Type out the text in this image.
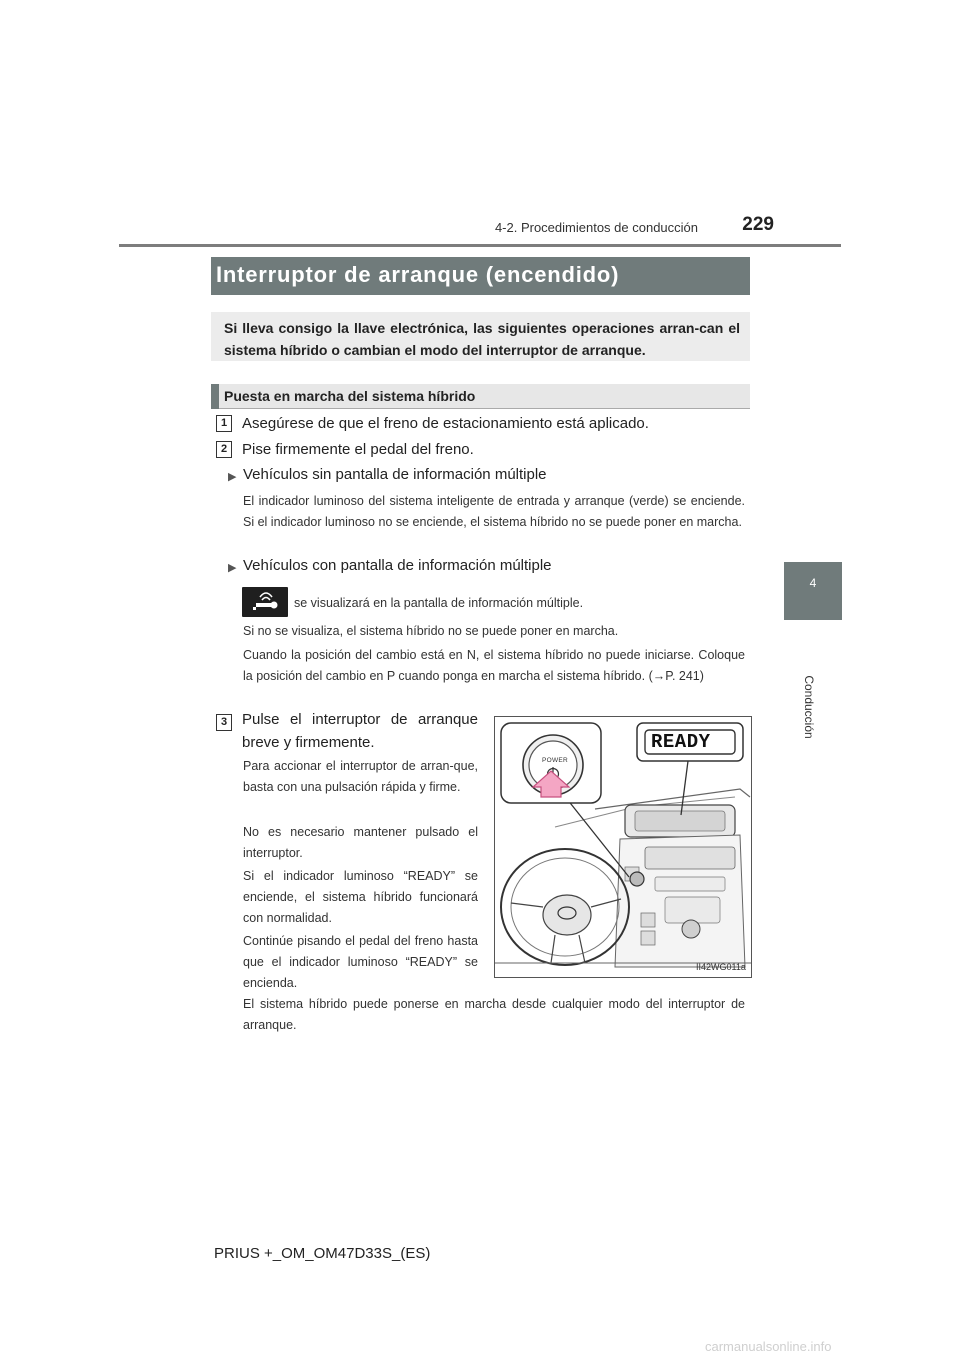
4-2. Procedimientos de conducción 229
4
Conducción
Interruptor de arranque (encendido)
Si lleva consigo la llave electrónica, las siguientes operaciones arran-can el sistema híbrido o cambian el modo del interruptor de arranque.
Puesta en marcha del sistema híbrido
1 Asegúrese de que el freno de estacionamiento está aplicado.
2 Pise firmemente el pedal del freno.
▶ Vehículos sin pantalla de información múltiple
El indicador luminoso del sistema inteligente de entrada y arranque (verde) se enciende. Si el indicador luminoso no se enciende, el sistema híbrido no se puede poner en marcha.
▶ Vehículos con pantalla de información múltiple
se visualizará en la pantalla de información múltiple.
Si no se visualiza, el sistema híbrido no se puede poner en marcha.
Cuando la posición del cambio está en N, el sistema híbrido no puede iniciarse. Coloque la posición del cambio en P cuando ponga en marcha el sistema híbrido. (→P. 241)
3 Pulse el interruptor de arranque
breve y firmemente.
Para accionar el interruptor de arran-que, basta con una pulsación rápida y firme.
No es necesario mantener pulsado el interruptor.
Si el indicador luminoso “READY” se enciende, el sistema híbrido funcionará con normalidad.
Continúe pisando el pedal del freno hasta que el indicador luminoso “READY” se encienda.
El sistema híbrido puede ponerse en marcha desde cualquier modo del interruptor de arranque.
POWER
READY
II42WG011a
PRIUS +_OM_OM47D33S_(ES)
carmanualsonline.info
